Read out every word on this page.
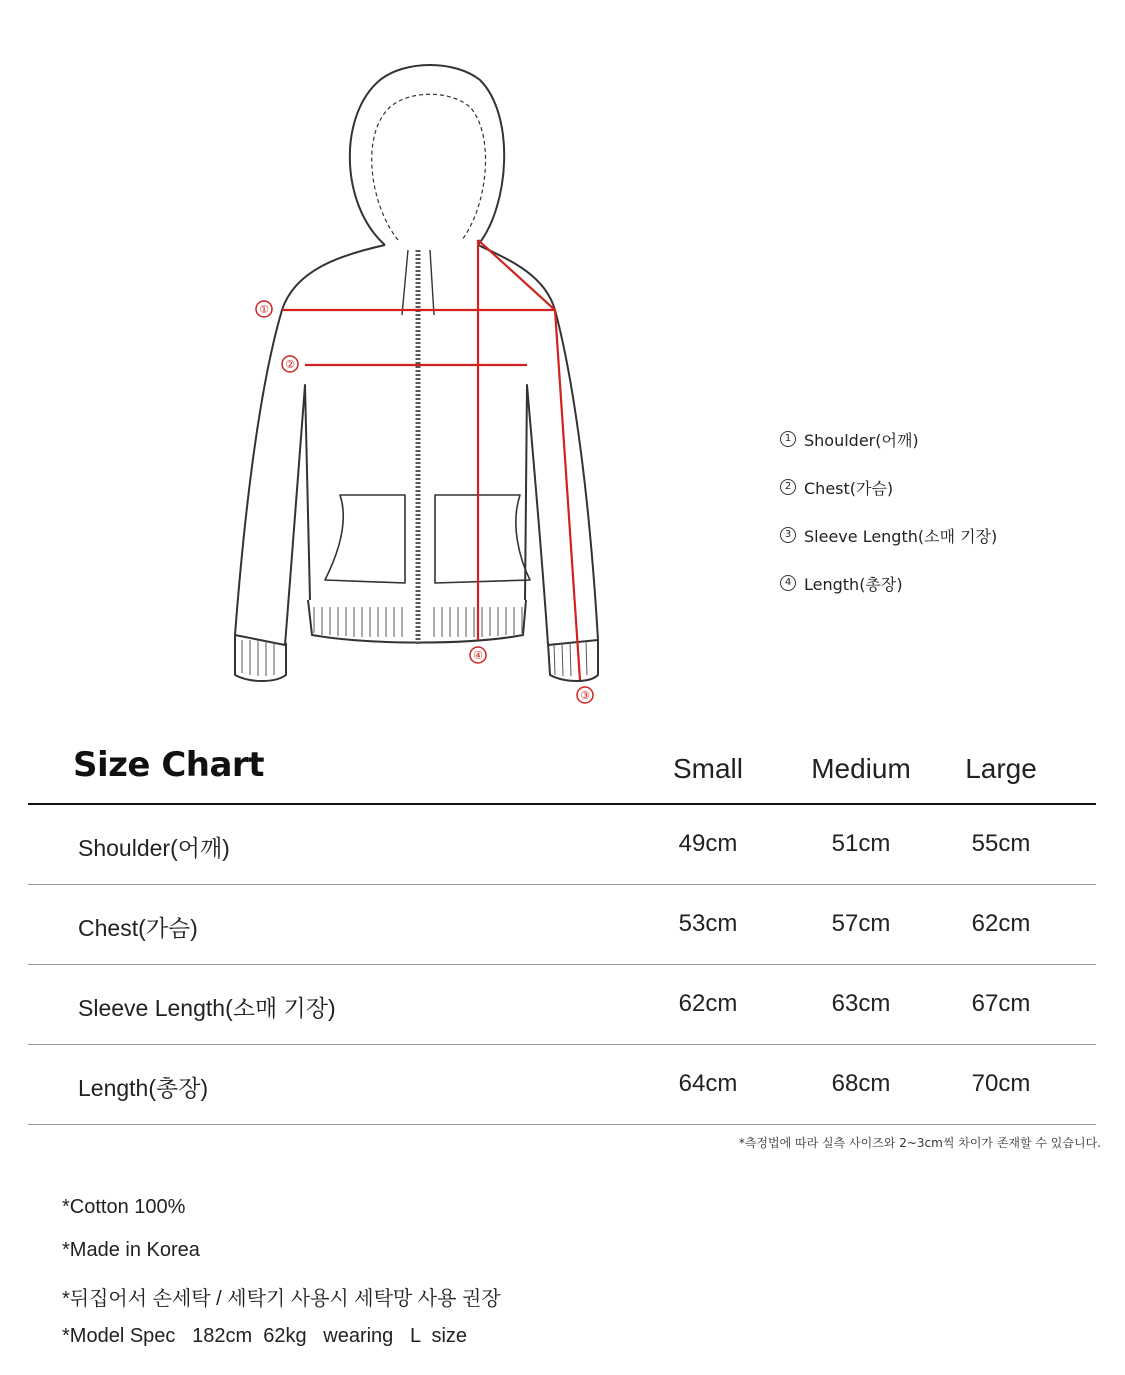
①
②
③
④
1 Shoulder(어깨)
2 Chest(가슴)
3 Sleeve Length(소매 기장)
4 Length(총장)
Size Chart	Small	Medium	Large
Shoulder(어깨)	49cm	51cm	55cm
Chest(가슴)	53cm	57cm	62cm
Sleeve Length(소매 기장)	62cm	63cm	67cm
Length(총장)	64cm	68cm	70cm
*측정법에 따라 실측 사이즈와 2~3cm씩 차이가 존재할 수 있습니다.
*Cotton 100%
*Made in Korea
*뒤집어서 손세탁 / 세탁기 사용시 세탁망 사용 권장
*Model Spec   182cm  62kg   wearing   L  size
